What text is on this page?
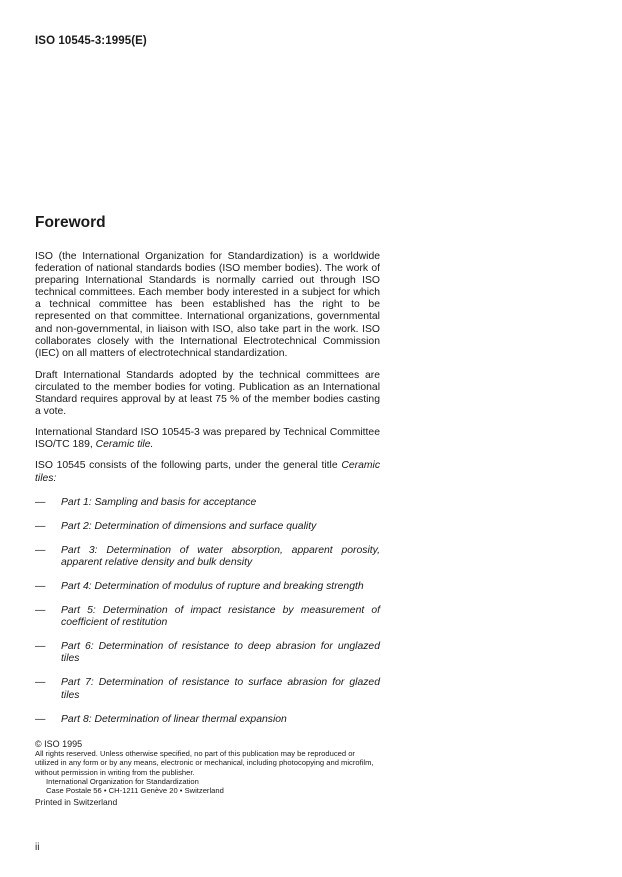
ISO 10545-3:1995(E)
Foreword

ISO (the International Organization for Standardization) is a worldwide federation of national standards bodies (ISO member bodies). The work of preparing International Standards is normally carried out through ISO technical committees. Each member body interested in a subject for which a technical committee has been established has the right to be represented on that committee. International organizations, governmental and non-governmental, in liaison with ISO, also take part in the work. ISO collaborates closely with the International Electrotechnical Commission (IEC) on all matters of electrotechnical standardization.

Draft International Standards adopted by the technical committees are circulated to the member bodies for voting. Publication as an International Standard requires approval by at least 75 % of the member bodies casting a vote.

International Standard ISO 10545-3 was prepared by Technical Committee ISO/TC 189, Ceramic tile.

ISO 10545 consists of the following parts, under the general title Ceramic tiles:

— Part 1: Sampling and basis for acceptance
— Part 2: Determination of dimensions and surface quality
— Part 3: Determination of water absorption, apparent porosity, apparent relative density and bulk density
— Part 4: Determination of modulus of rupture and breaking strength
— Part 5: Determination of impact resistance by measurement of coefficient of restitution
— Part 6: Determination of resistance to deep abrasion for unglazed tiles
— Part 7: Determination of resistance to surface abrasion for glazed tiles
— Part 8: Determination of linear thermal expansion
© ISO 1995
All rights reserved. Unless otherwise specified, no part of this publication may be reproduced or utilized in any form or by any means, electronic or mechanical, including photocopying and microfilm, without permission in writing from the publisher.
International Organization for Standardization
Case Postale 56 • CH-1211 Genève 20 • Switzerland
Printed in Switzerland
ii
